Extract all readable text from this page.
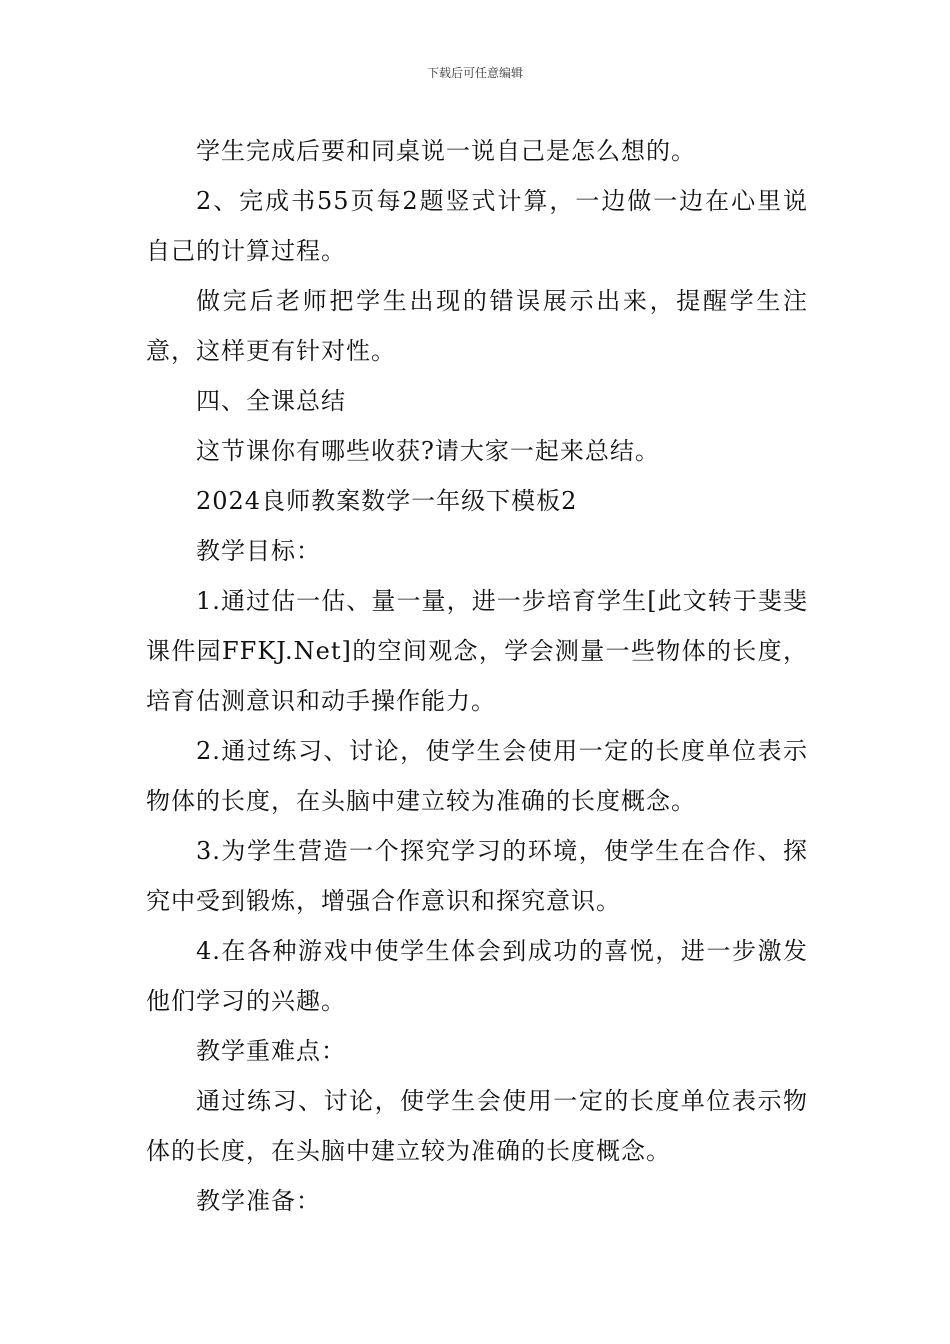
下载后可任意编辑

学生完成后要和同桌说一说自己是怎么想的。

2、完成书55页每2题竖式计算，一边做一边在心里说自己的计算过程。

做完后老师把学生出现的错误展示出来，提醒学生注意，这样更有针对性。

四、全课总结

这节课你有哪些收获?请大家一起来总结。

2024良师教案数学一年级下模板2

教学目标：

1.通过估一估、量一量，进一步培育学生[此文转于斐斐课件园FFKJ.Net]的空间观念，学会测量一些物体的长度，培育估测意识和动手操作能力。

2.通过练习、讨论，使学生会使用一定的长度单位表示物体的长度，在头脑中建立较为准确的长度概念。

3.为学生营造一个探究学习的环境，使学生在合作、探究中受到锻炼，增强合作意识和探究意识。

4.在各种游戏中使学生体会到成功的喜悦，进一步激发他们学习的兴趣。

教学重难点：

通过练习、讨论，使学生会使用一定的长度单位表示物体的长度，在头脑中建立较为准确的长度概念。

教学准备：
